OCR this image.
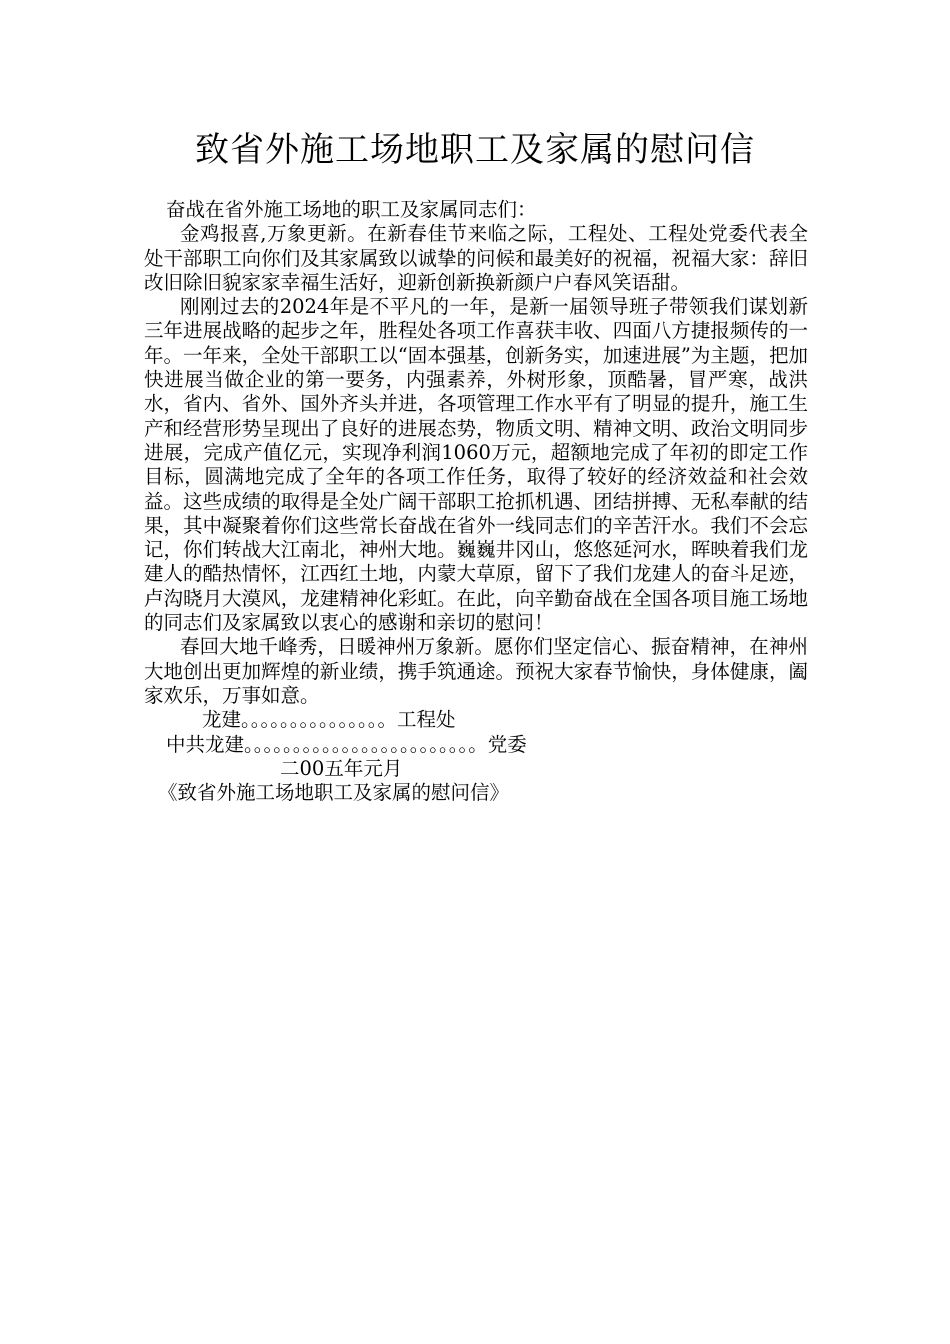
致省外施工场地职工及家属的慰问信

奋战在省外施工场地的职工及家属同志们：

金鸡报喜,万象更新。在新春佳节来临之际，工程处、工程处党委代表全处干部职工向你们及其家属致以诚挚的问候和最美好的祝福，祝福大家：辞旧改旧除旧貌家家幸福生活好，迎新创新换新颜户户春风笑语甜。

刚刚过去的2024年是不平凡的一年，是新一届领导班子带领我们谋划新三年进展战略的起步之年，胜程处各项工作喜获丰收、四面八方捷报频传的一年。一年来，全处干部职工以“固本强基，创新务实，加速进展”为主题，把加快进展当做企业的第一要务，内强素养，外树形象，顶酷暑，冒严寒，战洪水，省内、省外、国外齐头并进，各项管理工作水平有了明显的提升，施工生产和经营形势呈现出了良好的进展态势，物质文明、精神文明、政治文明同步进展，完成产值亿元，实现净利润1060万元，超额地完成了年初的即定工作目标，圆满地完成了全年的各项工作任务，取得了较好的经济效益和社会效益。这些成绩的取得是全处广阔干部职工抢抓机遇、团结拼搏、无私奉献的结果，其中凝聚着你们这些常长奋战在省外一线同志们的辛苦汗水。我们不会忘记，你们转战大江南北，神州大地。巍巍井冈山，悠悠延河水，晖映着我们龙建人的酷热情怀，江西红土地，内蒙大草原，留下了我们龙建人的奋斗足迹，卢沟晓月大漠风，龙建精神化彩虹。在此，向辛勤奋战在全国各项目施工场地的同志们及家属致以衷心的感谢和亲切的慰问！

春回大地千峰秀，日暖神州万象新。愿你们坚定信心、振奋精神，在神州大地创出更加辉煌的新业绩，携手筑通途。预祝大家春节愉快，身体健康，阖家欢乐，万事如意。

龙建。。。。。。。。。。。。。。。工程处

中共龙建。。。。。。。。。。。。。。。。。。。。。。。。党委

二00五年元月

《致省外施工场地职工及家属的慰问信》
